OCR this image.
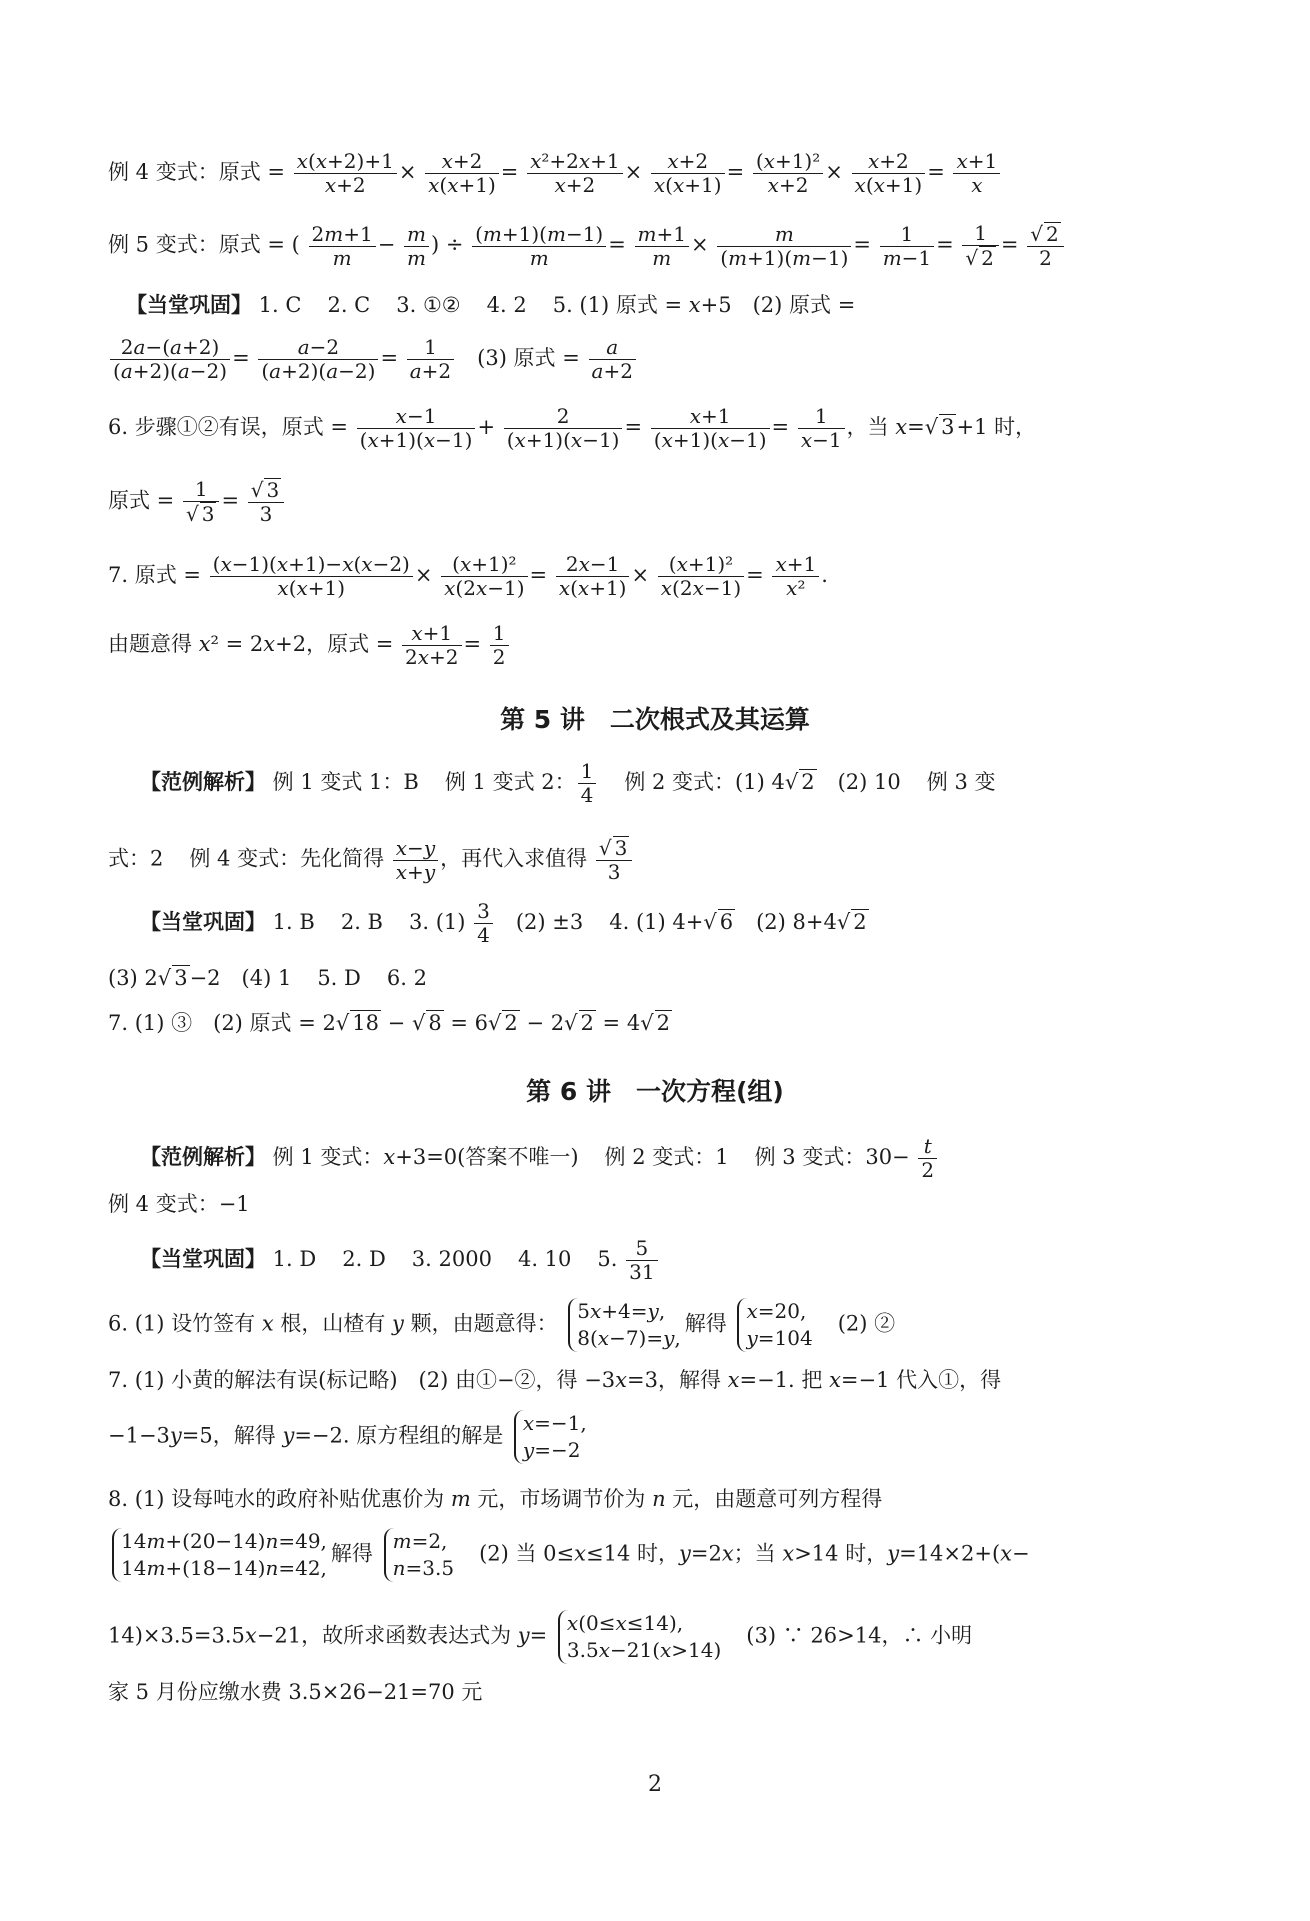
例 4 变式：原式 = $\frac{x(x+2)+1}{x+2} \times \frac{x+2}{x(x+1)} = \frac{\text{x²+2x+1}}{x+2} \times \frac{x+2}{x(x+1)} = \frac{\text{(x+1)²}}{x+2} \times \frac{x+2}{x(x+1)} = \frac{x+1}{x}$
例 5 变式：原式 = ( $\frac{2m+1}{m} - \frac{m}{m}$ ) ÷ $\frac{(m+1)(m-1)}{m} = \frac{m+1}{m} \times \frac{m}{(m+1)(m-1)} = \frac{1}{m-1} = 1$
√ 2 = √ $\frac{2}{2}$
【当堂巩固】 1. C 2. C 3. ①② 4. 2 5. (1) 原式 = x+5　(2) 原式 =
$\frac{2a-(a+2)}{(a+2)(a-2)} = \frac{a-2}{(a+2)(a-2)} = \frac{1}{a+2}$ 　(3) 原式 = $\frac{a}{a+2}$
6. 步骤①②有误，原式 = $\frac{x-1}{(x+1)(x-1)} + \frac{2}{(x+1)(x-1)} = \frac{x+1}{(x+1)(x-1)} = \frac{1}{x-1}$ ，当 x= √ 3+1 时，
原式 = 1
√ 3 = √ $\frac{3}{3}$
7. 原式 = $\frac{(x-1)(x+1)-x(x-2)}{x(x+1)} \times \frac{\text{(x+1)²}}{x(2x-1)} = \frac{2x-1}{x(x+1)} \times \frac{\text{(x+1)²}}{x(2x-1)} = \frac{x+1}{\text{x²}}$ .
由题意得 x² = 2x+2，原式 = $\frac{x+1}{2x+2} = \frac{1}{2}$
第 5 讲　二次根式及其运算
【范例解析】 例 1 变式 1：B 例 1 变式 2： $\frac{1}{4}$ 例 2 变式：(1) 4 √ 2　(2) 10 例 3 变
式：2 例 4 变式：先化简得 $\frac{x-y}{x+y}$ ，再代入求值得 √ $\frac{3}{3}$
【当堂巩固】 1. B 2. B 3. $(1) \frac{3}{4}$ 　(2) ±3 4. (1) 4+ √ 6　(2) 8+4 √ 2
(3) 2 √ 3−2　(4) 1 5. D 6. 2
7. (1) ③　(2) 原式 = 2 √ 18 − √ 8 = 6 √ 2 − 2 √ 2 = 4 √ 2
第 6 讲　一次方程(组)
【范例解析】 例 1 变式：x+3=0(答案不唯一) 例 2 变式：1 例 3 变式：$30- \frac{t}{2}$
例 4 变式：−1
【当堂巩固】 1. D 2. D 3. 2000 4. 10 5. $\frac{5}{31}$
6. (1) 设竹签有 x 根，山楂有 y 颗，由题意得：
5x+4=y,
8(x−7)=y,
解得
x=20,
y=104
　(2) ②
7. (1) 小黄的解法有误(标记略)　(2) 由①−②，得 −3x=3，解得 x=−1. 把 x=−1 代入①，得
−1−3y=5，解得 y=−2. 原方程组的解是
x=−1,
y=−2
8. (1) 设每吨水的政府补贴优惠价为 m 元，市场调节价为 n 元，由题意可列方程得
14m+(20−14)n=49,
14m+(18−14)n=42,
解得
m=2,
n=3.5
　(2) 当 0≤x≤14 时，y=2x；当 x>14 时，y=14×2+(x−
14)×3.5=3.5x−21，故所求函数表达式为 y=
x(0≤x≤14),
3.5x−21(x>14)
　(3) ∵ 26>14，∴ 小明
家 5 月份应缴水费 3.5×26−21=70 元
2
